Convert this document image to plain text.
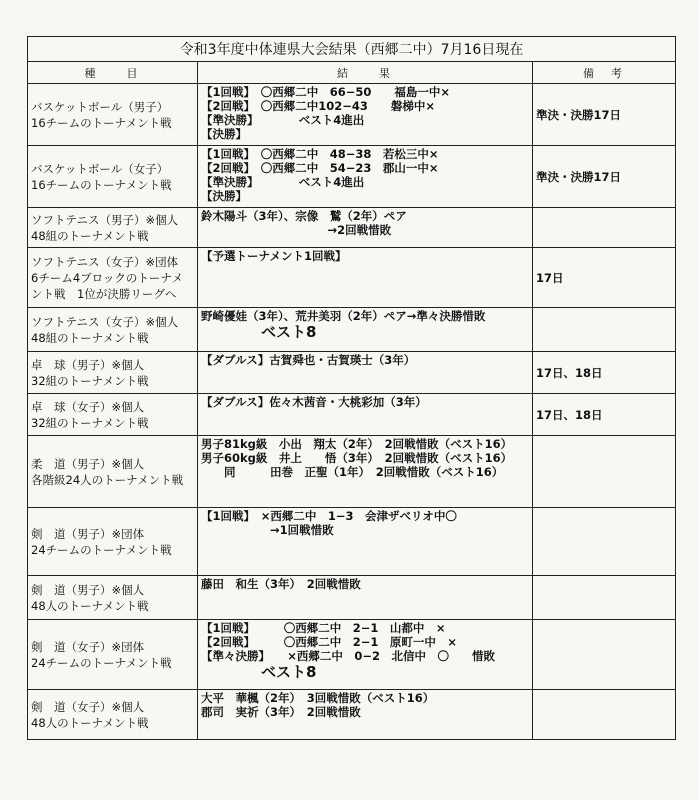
令和3年度中体連県大会結果（西郷二中）7月16日現在		
種　　目	結　　果	備　考

バスケットボール（男子）
16チームのトーナメント戦	【1回戦】　〇西郷二中　66−50　　福島一中×
【2回戦】　〇西郷二中102−43　　磐梯中×
【準決勝】　　　　ベスト4進出
【決勝】	準決・決勝17日

バスケットボール（女子）
16チームのトーナメント戦	【1回戦】　〇西郷二中　48−38　若松三中×
【2回戦】　〇西郷二中　54−23　郡山一中×
【準決勝】　　　　ベスト4進出
【決勝】	準決・決勝17日

ソフトテニス（男子）※個人
48組のトーナメント戦	鈴木陽斗（3年）、宗像　鷲（2年）ペア
　　　　　　　　　　　→2回戦惜敗	

ソフトテニス（女子）※団体
6チーム4ブロックのトーナメ
ント戦　1位が決勝リーグへ	【予選トーナメント1回戦】	17日

ソフトテニス（女子）※個人
48組のトーナメント戦	野崎優娃（3年）、荒井美羽（2年）ペア→準々決勝惜敗
ベスト8	

卓　球（男子）※個人
32組のトーナメント戦	【ダブルス】古賀舜也・古賀瑛士（3年）	17日、18日

卓　球（女子）※個人
32組のトーナメント戦	【ダブルス】佐々木茜音・大桃彩加（3年）	17日、18日

柔　道（男子）※個人
各階級24人のトーナメント戦	男子81kg級　小出　翔太（2年）　2回戦惜敗（ベスト16）
男子60kg級　井上　　悟（3年）　2回戦惜敗（ベスト16）
　　同　　　田巻　正聖（1年）　2回戦惜敗（ベスト16）	

剣　道（男子）※団体
24チームのトーナメント戦	【1回戦】　×西郷二中　1−3　会津ザベリオ中〇
　　　　　　→1回戦惜敗	

剣　道（男子）※個人
48人のトーナメント戦	藤田　和生（3年）　2回戦惜敗	

剣　道（女子）※団体
24チームのトーナメント戦	【1回戦】　　　〇西郷二中　2−1　山都中　×
【2回戦】　　　〇西郷二中　2−1　原町一中　×
【準々決勝】　　×西郷二中　0−2　北信中　〇　　惜敗
ベスト8	

剣　道（女子）※個人
48人のトーナメント戦	大平　華楓（2年）　3回戦惜敗（ベスト16）
郡司　実祈（3年）　2回戦惜敗	
